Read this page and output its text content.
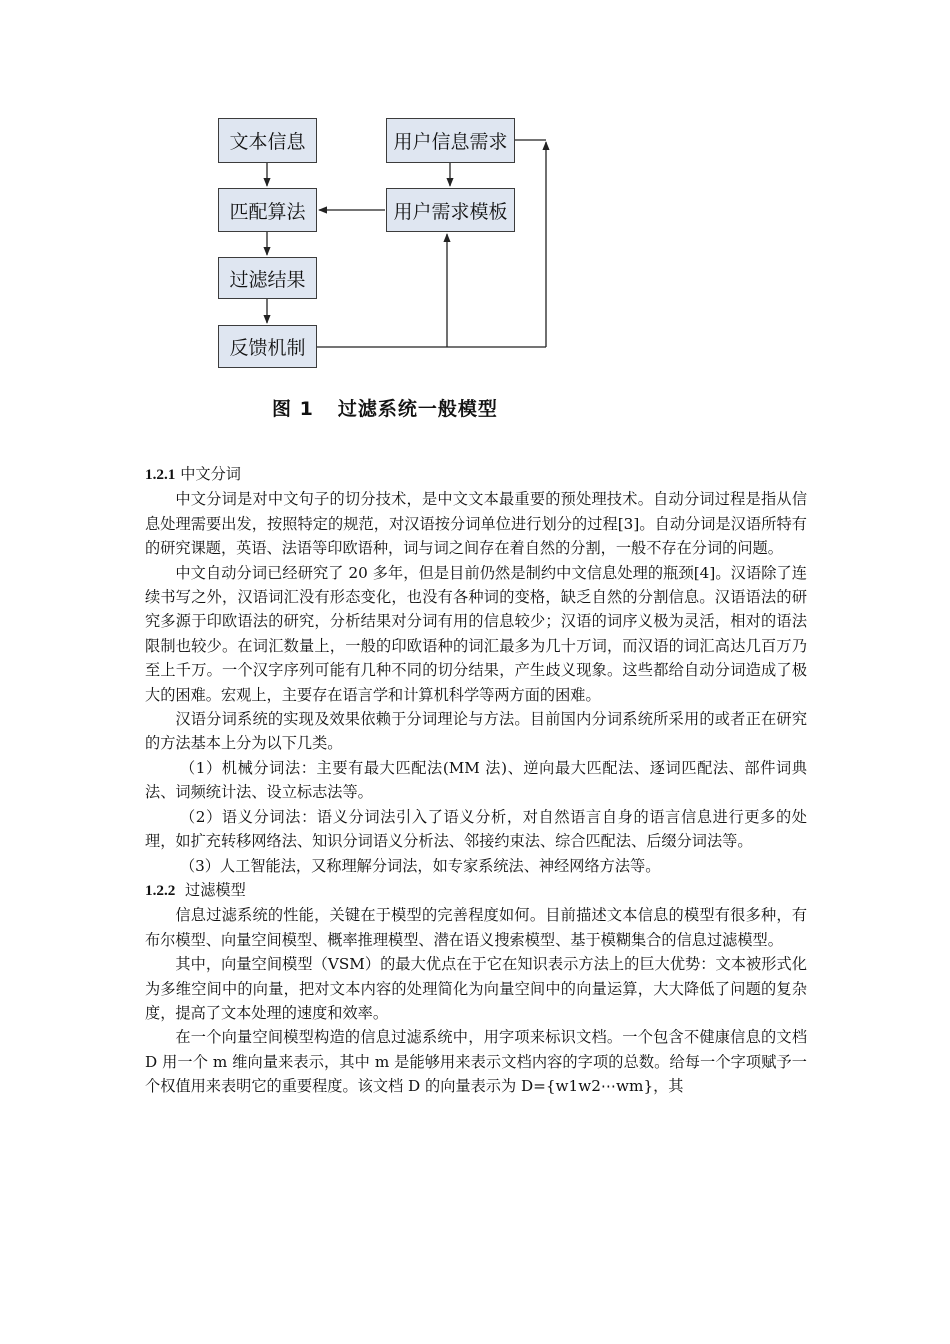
文本信息	用户信息需求
匹配算法	用户需求模板
过滤结果
反馈机制
图 1 过滤系统一般模型

1.2.1 中文分词

中文分词是对中文句子的切分技术，是中文文本最重要的预处理技术。自动分词过程是指从信息处理需要出发，按照特定的规范，对汉语按分词单位进行划分的过程[3]。自动分词是汉语所特有的研究课题，英语、法语等印欧语种，词与词之间存在着自然的分割，一般不存在分词的问题。

中文自动分词已经研究了 20 多年，但是目前仍然是制约中文信息处理的瓶颈[4]。汉语除了连续书写之外，汉语词汇没有形态变化，也没有各种词的变格，缺乏自然的分割信息。汉语语法的研究多源于印欧语法的研究，分析结果对分词有用的信息较少；汉语的词序义极为灵活，相对的语法限制也较少。在词汇数量上，一般的印欧语种的词汇最多为几十万词，而汉语的词汇高达几百万乃至上千万。一个汉字序列可能有几种不同的切分结果，产生歧义现象。这些都给自动分词造成了极大的困难。宏观上，主要存在语言学和计算机科学等两方面的困难。

汉语分词系统的实现及效果依赖于分词理论与方法。目前国内分词系统所采用的或者正在研究的方法基本上分为以下几类。

（1）机械分词法：主要有最大匹配法(MM 法)、逆向最大匹配法、逐词匹配法、部件词典法、词频统计法、设立标志法等。

（2）语义分词法：语义分词法引入了语义分析，对自然语言自身的语言信息进行更多的处理，如扩充转移网络法、知识分词语义分析法、邻接约束法、综合匹配法、后缀分词法等。

（3）人工智能法，又称理解分词法，如专家系统法、神经网络方法等。

1.2.2 过滤模型

信息过滤系统的性能，关键在于模型的完善程度如何。目前描述文本信息的模型有很多种，有布尔模型、向量空间模型、概率推理模型、潜在语义搜索模型、基于模糊集合的信息过滤模型。

其中，向量空间模型（VSM）的最大优点在于它在知识表示方法上的巨大优势：文本被形式化为多维空间中的向量，把对文本内容的处理简化为向量空间中的向量运算，大大降低了问题的复杂度，提高了文本处理的速度和效率。

在一个向量空间模型构造的信息过滤系统中，用字项来标识文档。一个包含不健康信息的文档 D 用一个 m 维向量来表示，其中 m 是能够用来表示文档内容的字项的总数。给每一个字项赋予一个权值用来表明它的重要程度。该文档 D 的向量表示为 D={w1w2⋯wm}，其
